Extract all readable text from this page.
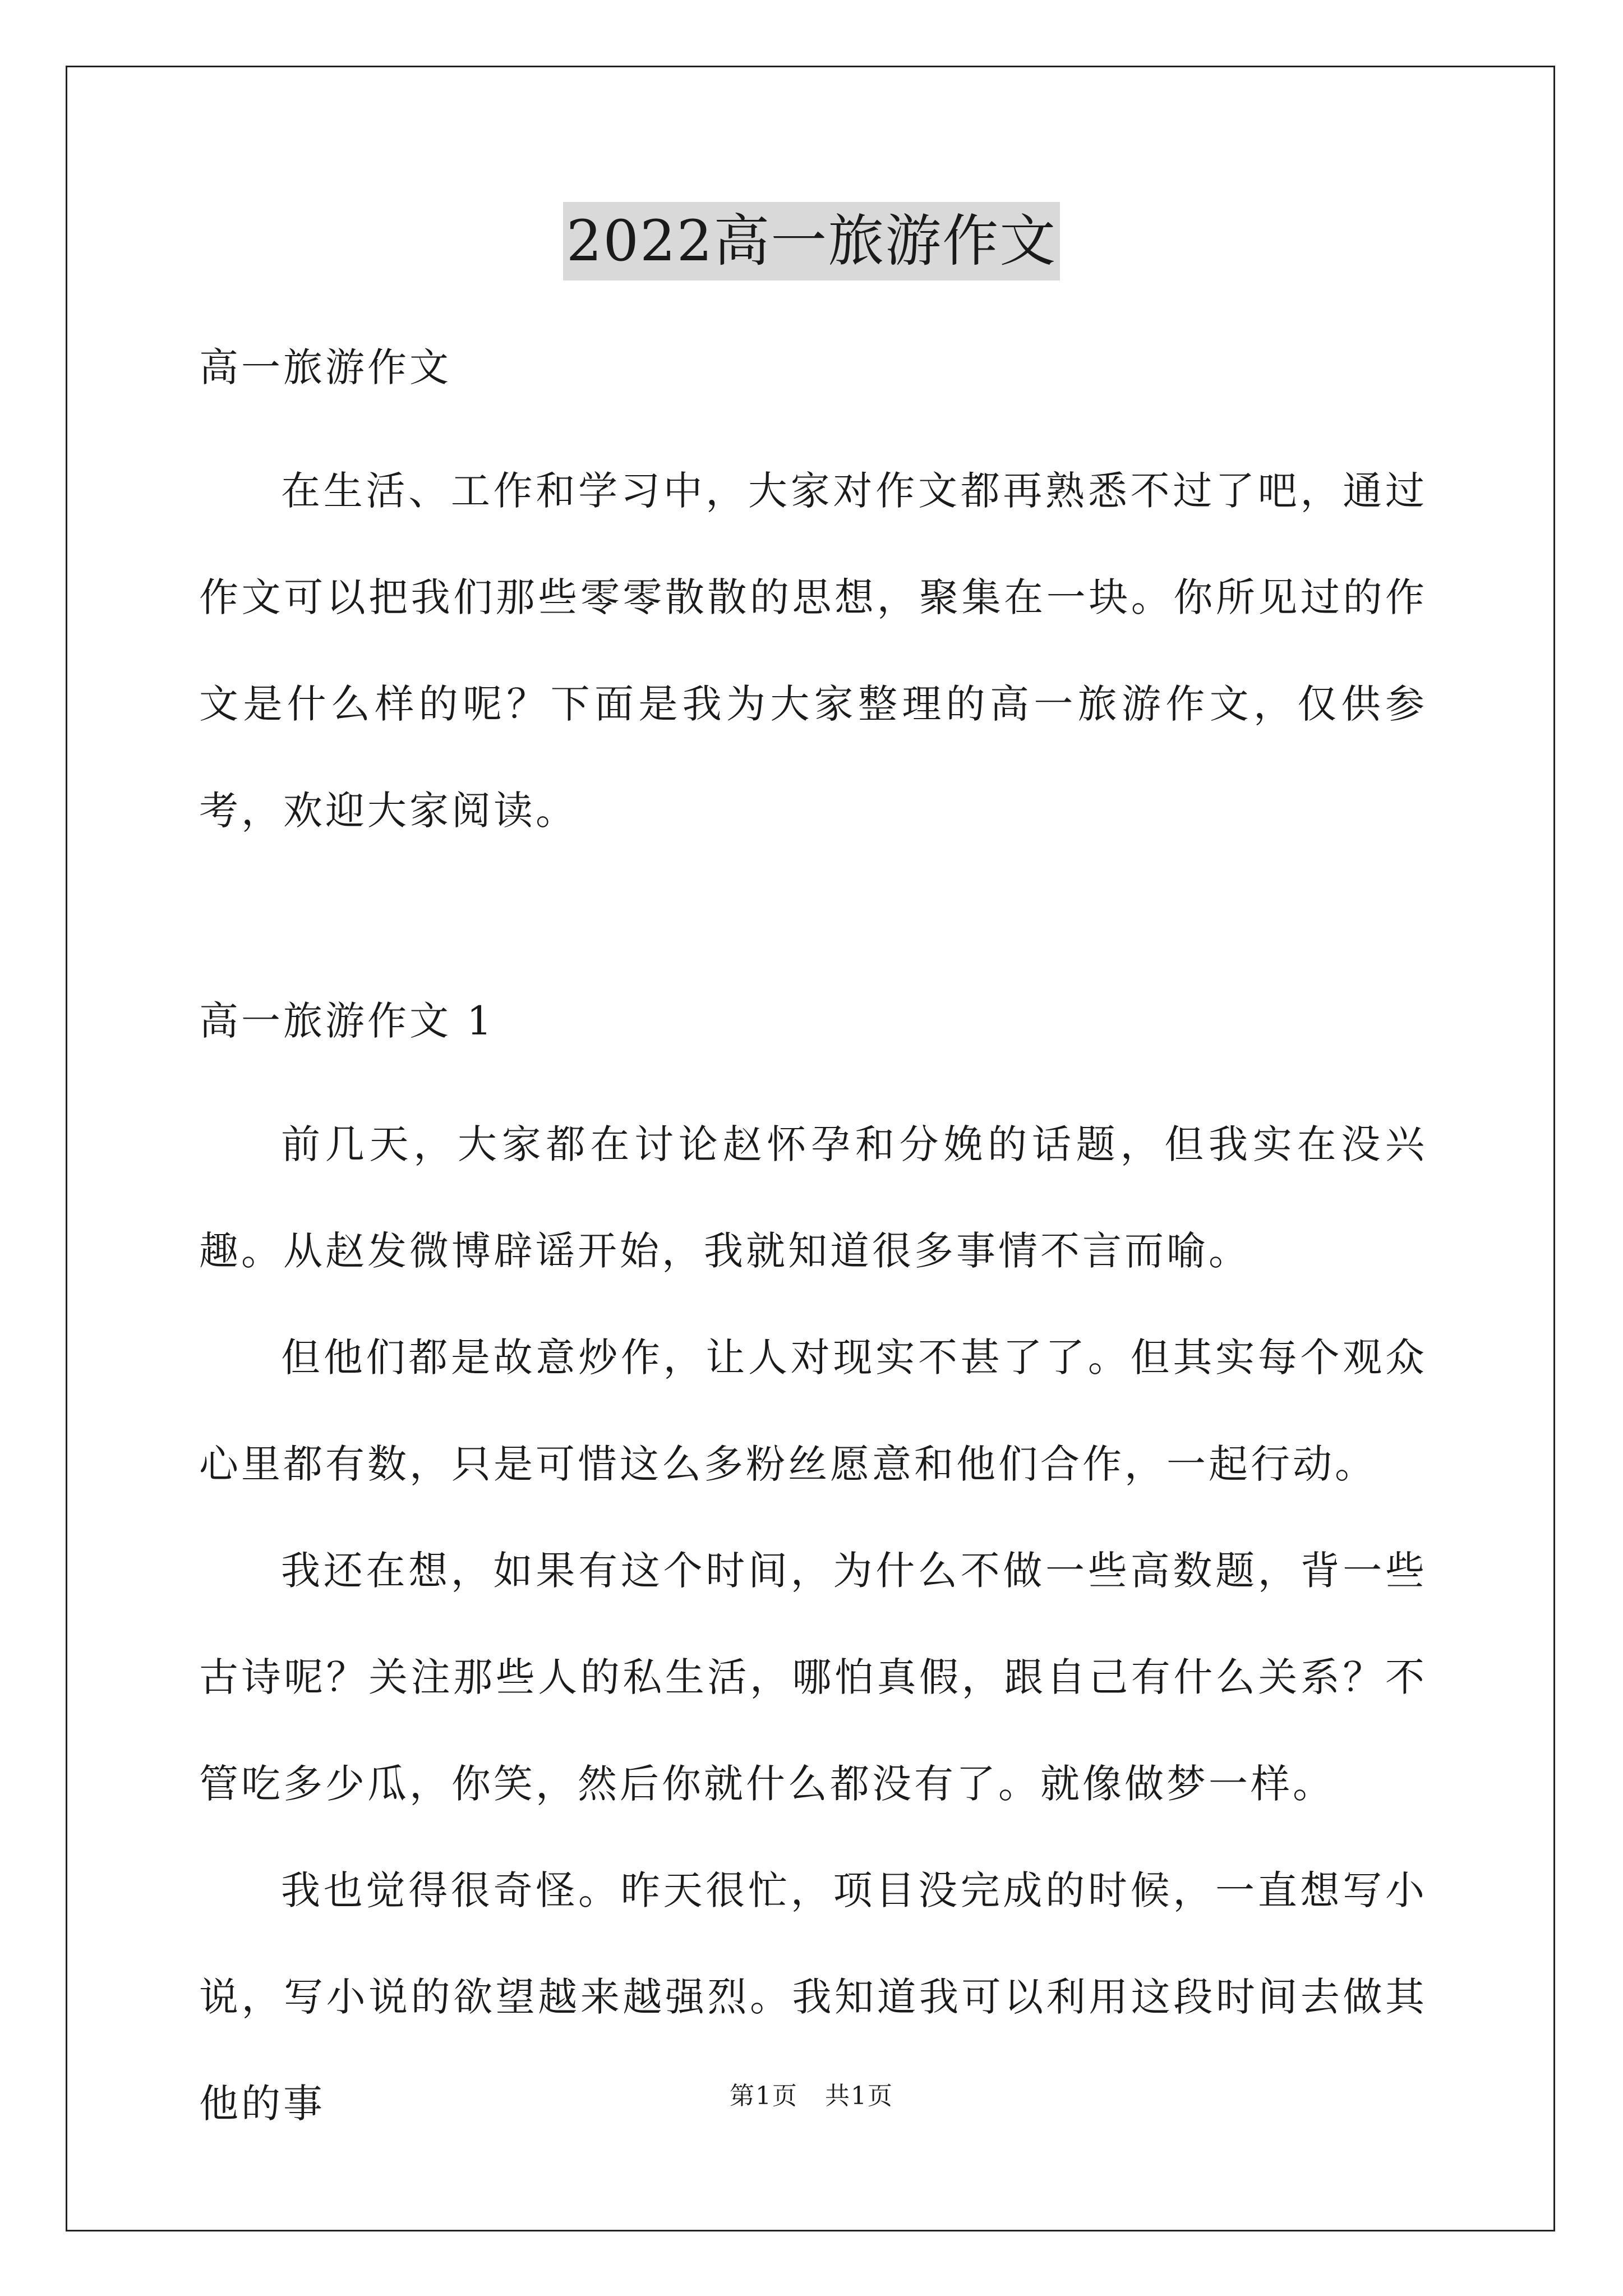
2022高一旅游作文
高一旅游作文

在生活、工作和学习中，大家对作文都再熟悉不过了吧，通过作文可以把我们那些零零散散的思想，聚集在一块。你所见过的作文是什么样的呢？下面是我为大家整理的高一旅游作文，仅供参考，欢迎大家阅读。

高一旅游作文 1

前几天，大家都在讨论赵怀孕和分娩的话题，但我实在没兴趣。从赵发微博辟谣开始，我就知道很多事情不言而喻。

但他们都是故意炒作，让人对现实不甚了了。但其实每个观众心里都有数，只是可惜这么多粉丝愿意和他们合作，一起行动。

我还在想，如果有这个时间，为什么不做一些高数题，背一些古诗呢？关注那些人的私生活，哪怕真假，跟自己有什么关系？不管吃多少瓜，你笑，然后你就什么都没有了。就像做梦一样。

我也觉得很奇怪。昨天很忙，项目没完成的时候，一直想写小说，写小说的欲望越来越强烈。我知道我可以利用这段时间去做其他的事	第1页 共1页
